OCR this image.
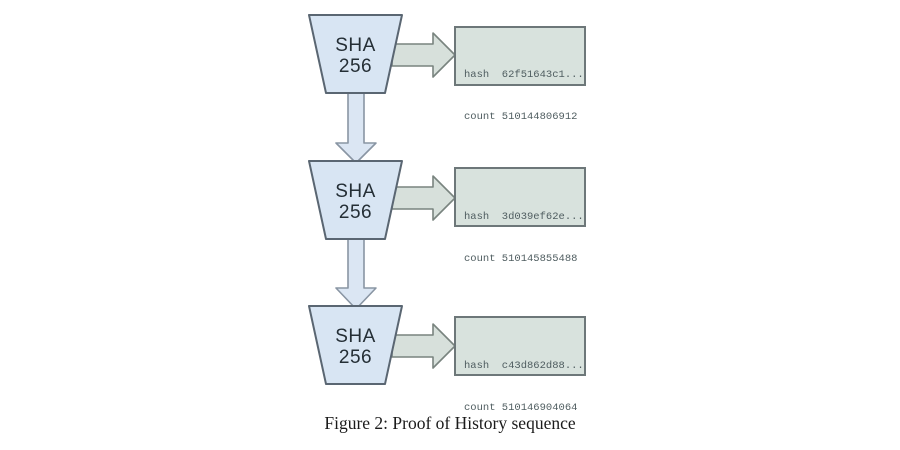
SHA
256
SHA
256
SHA
256

hash  62f51643c1...

count 510144806912

hash  3d039ef62e...

count 510145855488

hash  c43d862d88...

count 510146904064

Figure 2: Proof of History sequence
